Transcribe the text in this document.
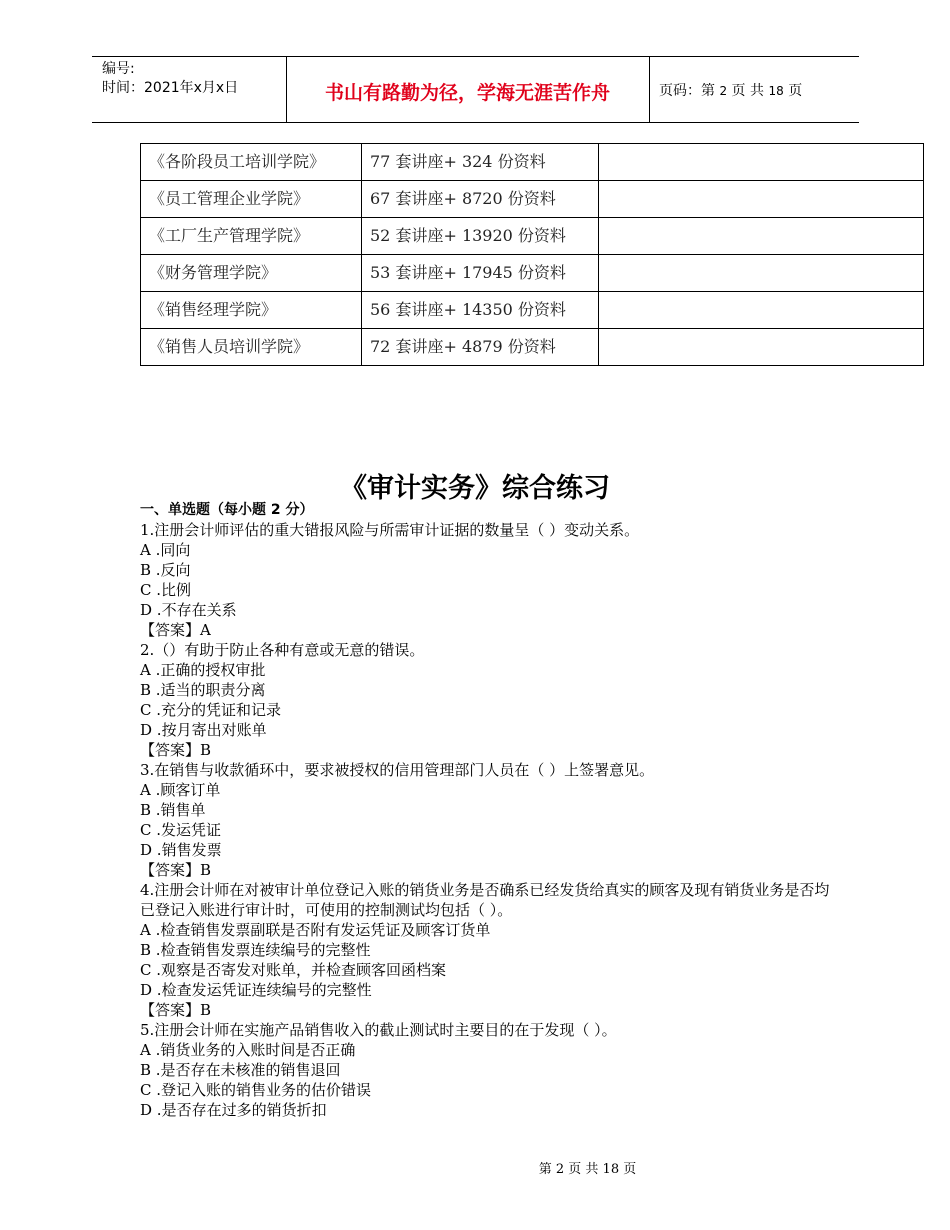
编号:
时间：2021年x月x日	书山有路勤为径，学海无涯苦作舟	页码：第 2 页 共 18 页
《各阶段员工培训学院》	77 套讲座+ 324 份资料	
《员工管理企业学院》	67 套讲座+ 8720 份资料	
《工厂生产管理学院》	52 套讲座+ 13920 份资料	
《财务管理学院》	53 套讲座+ 17945 份资料	
《销售经理学院》	56 套讲座+ 14350 份资料	
《销售人员培训学院》	72 套讲座+ 4879 份资料	
《审计实务》综合练习

一、单选题（每小题 2 分）

1.注册会计师评估的重大错报风险与所需审计证据的数量呈（ ）变动关系。

A .同向

B .反向

C .比例

D .不存在关系

【答案】A

2.（）有助于防止各种有意或无意的错误。

A .正确的授权审批

B .适当的职责分离

C .充分的凭证和记录

D .按月寄出对账单

【答案】B

3.在销售与收款循环中，要求被授权的信用管理部门人员在（ ）上签署意见。

A .顾客订单

B .销售单

C .发运凭证

D .销售发票

【答案】B

4.注册会计师在对被审计单位登记入账的销货业务是否确系已经发货给真实的顾客及现有销货业务是否均已登记入账进行审计时，可使用的控制测试均包括（ ）。

A .检查销售发票副联是否附有发运凭证及顾客订货单

B .检查销售发票连续编号的完整性

C .观察是否寄发对账单，并检查顾客回函档案

D .检查发运凭证连续编号的完整性

【答案】B

5.注册会计师在实施产品销售收入的截止测试时主要目的在于发现（ ）。

A .销货业务的入账时间是否正确

B .是否存在未核准的销售退回

C .登记入账的销售业务的估价错误

D .是否存在过多的销货折扣

第 2 页 共 18 页
